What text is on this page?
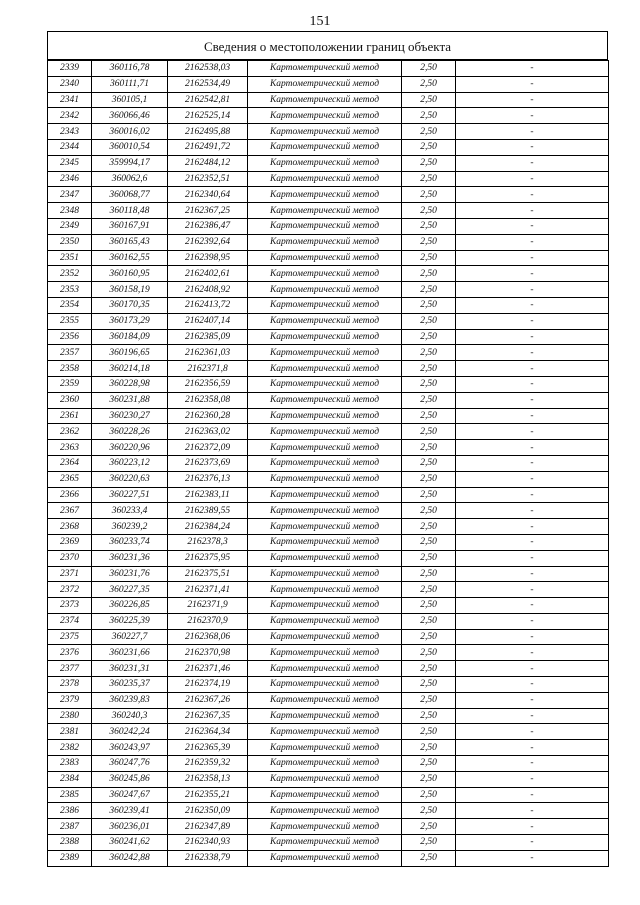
151
Сведения о местоположении границ объекта
2339	360116,78	2162538,03	Картометрический метод	2,50	-
2340	360111,71	2162534,49	Картометрический метод	2,50	-
2341	360105,1	2162542,81	Картометрический метод	2,50	-
2342	360066,46	2162525,14	Картометрический метод	2,50	-
2343	360016,02	2162495,88	Картометрический метод	2,50	-
2344	360010,54	2162491,72	Картометрический метод	2,50	-
2345	359994,17	2162484,12	Картометрический метод	2,50	-
2346	360062,6	2162352,51	Картометрический метод	2,50	-
2347	360068,77	2162340,64	Картометрический метод	2,50	-
2348	360118,48	2162367,25	Картометрический метод	2,50	-
2349	360167,91	2162386,47	Картометрический метод	2,50	-
2350	360165,43	2162392,64	Картометрический метод	2,50	-
2351	360162,55	2162398,95	Картометрический метод	2,50	-
2352	360160,95	2162402,61	Картометрический метод	2,50	-
2353	360158,19	2162408,92	Картометрический метод	2,50	-
2354	360170,35	2162413,72	Картометрический метод	2,50	-
2355	360173,29	2162407,14	Картометрический метод	2,50	-
2356	360184,09	2162385,09	Картометрический метод	2,50	-
2357	360196,65	2162361,03	Картометрический метод	2,50	-
2358	360214,18	2162371,8	Картометрический метод	2,50	-
2359	360228,98	2162356,59	Картометрический метод	2,50	-
2360	360231,88	2162358,08	Картометрический метод	2,50	-
2361	360230,27	2162360,28	Картометрический метод	2,50	-
2362	360228,26	2162363,02	Картометрический метод	2,50	-
2363	360220,96	2162372,09	Картометрический метод	2,50	-
2364	360223,12	2162373,69	Картометрический метод	2,50	-
2365	360220,63	2162376,13	Картометрический метод	2,50	-
2366	360227,51	2162383,11	Картометрический метод	2,50	-
2367	360233,4	2162389,55	Картометрический метод	2,50	-
2368	360239,2	2162384,24	Картометрический метод	2,50	-
2369	360233,74	2162378,3	Картометрический метод	2,50	-
2370	360231,36	2162375,95	Картометрический метод	2,50	-
2371	360231,76	2162375,51	Картометрический метод	2,50	-
2372	360227,35	2162371,41	Картометрический метод	2,50	-
2373	360226,85	2162371,9	Картометрический метод	2,50	-
2374	360225,39	2162370,9	Картометрический метод	2,50	-
2375	360227,7	2162368,06	Картометрический метод	2,50	-
2376	360231,66	2162370,98	Картометрический метод	2,50	-
2377	360231,31	2162371,46	Картометрический метод	2,50	-
2378	360235,37	2162374,19	Картометрический метод	2,50	-
2379	360239,83	2162367,26	Картометрический метод	2,50	-
2380	360240,3	2162367,35	Картометрический метод	2,50	-
2381	360242,24	2162364,34	Картометрический метод	2,50	-
2382	360243,97	2162365,39	Картометрический метод	2,50	-
2383	360247,76	2162359,32	Картометрический метод	2,50	-
2384	360245,86	2162358,13	Картометрический метод	2,50	-
2385	360247,67	2162355,21	Картометрический метод	2,50	-
2386	360239,41	2162350,09	Картометрический метод	2,50	-
2387	360236,01	2162347,89	Картометрический метод	2,50	-
2388	360241,62	2162340,93	Картометрический метод	2,50	-
2389	360242,88	2162338,79	Картометрический метод	2,50	-
